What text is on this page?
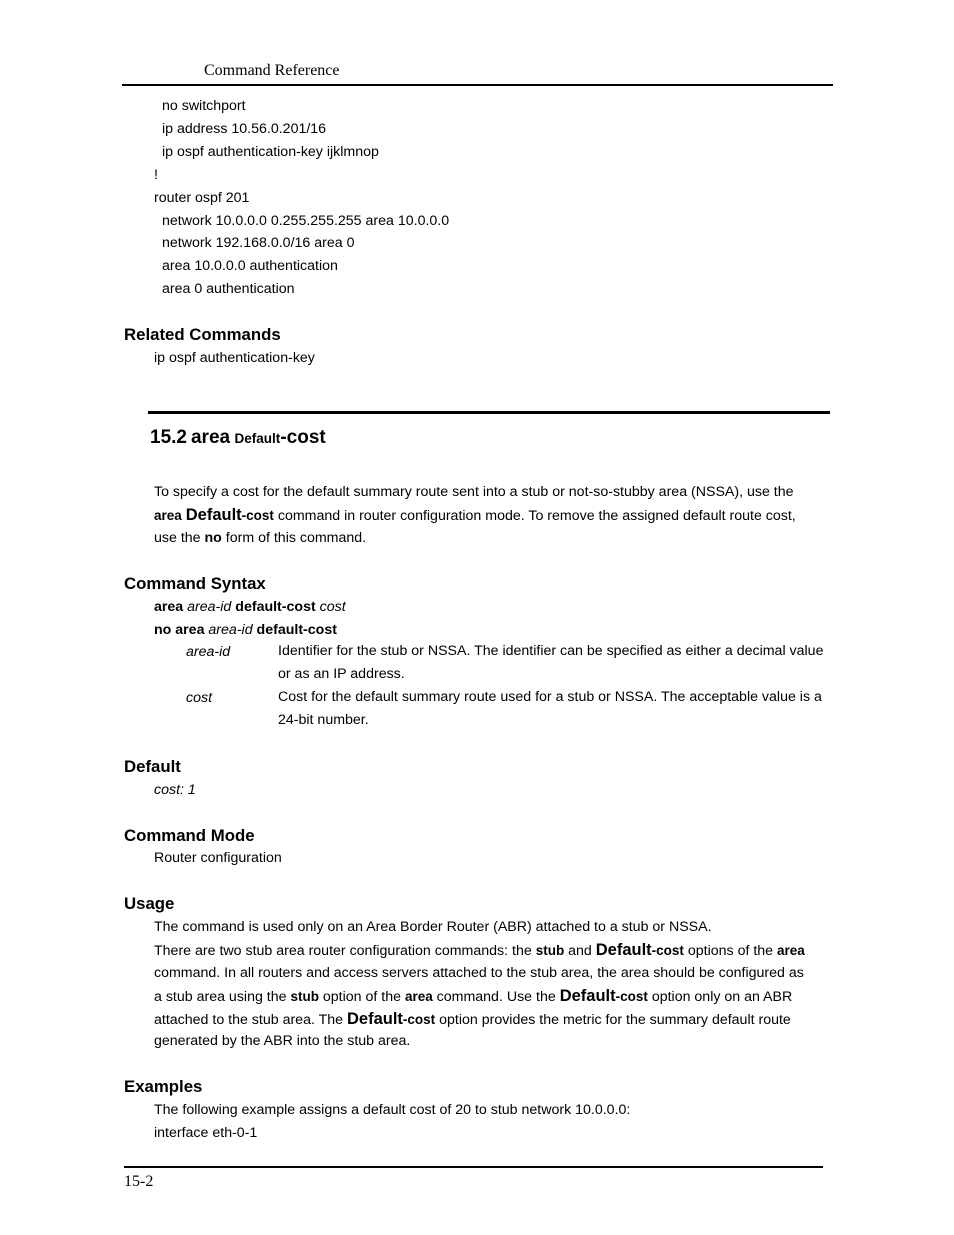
Command Reference
no switchport
ip address 10.56.0.201/16
ip ospf authentication-key ijklmnop
!
router ospf 201
network 10.0.0.0 0.255.255.255 area 10.0.0.0
network 192.168.0.0/16 area 0
area 10.0.0.0 authentication
area 0 authentication
Related Commands
ip ospf authentication-key
15.2 area Default-cost
To specify a cost for the default summary route sent into a stub or not-so-stubby area (NSSA), use the
area Default-cost command in router configuration mode. To remove the assigned default route cost,
use the no form of this command.
Command Syntax
area area-id default-cost cost
no area area-id default-cost
area-id	Identifier for the stub or NSSA. The identifier can be specified as either a decimal value or as an IP address.
cost	Cost for the default summary route used for a stub or NSSA. The acceptable value is a 24-bit number.
Default
cost: 1
Command Mode
Router configuration
Usage
The command is used only on an Area Border Router (ABR) attached to a stub or NSSA.
There are two stub area router configuration commands: the stub and Default-cost options of the area
command. In all routers and access servers attached to the stub area, the area should be configured as
a stub area using the stub option of the area command. Use the Default-cost option only on an ABR
attached to the stub area. The Default-cost option provides the metric for the summary default route
generated by the ABR into the stub area.
Examples
The following example assigns a default cost of 20 to stub network 10.0.0.0:
interface eth-0-1
15-2
